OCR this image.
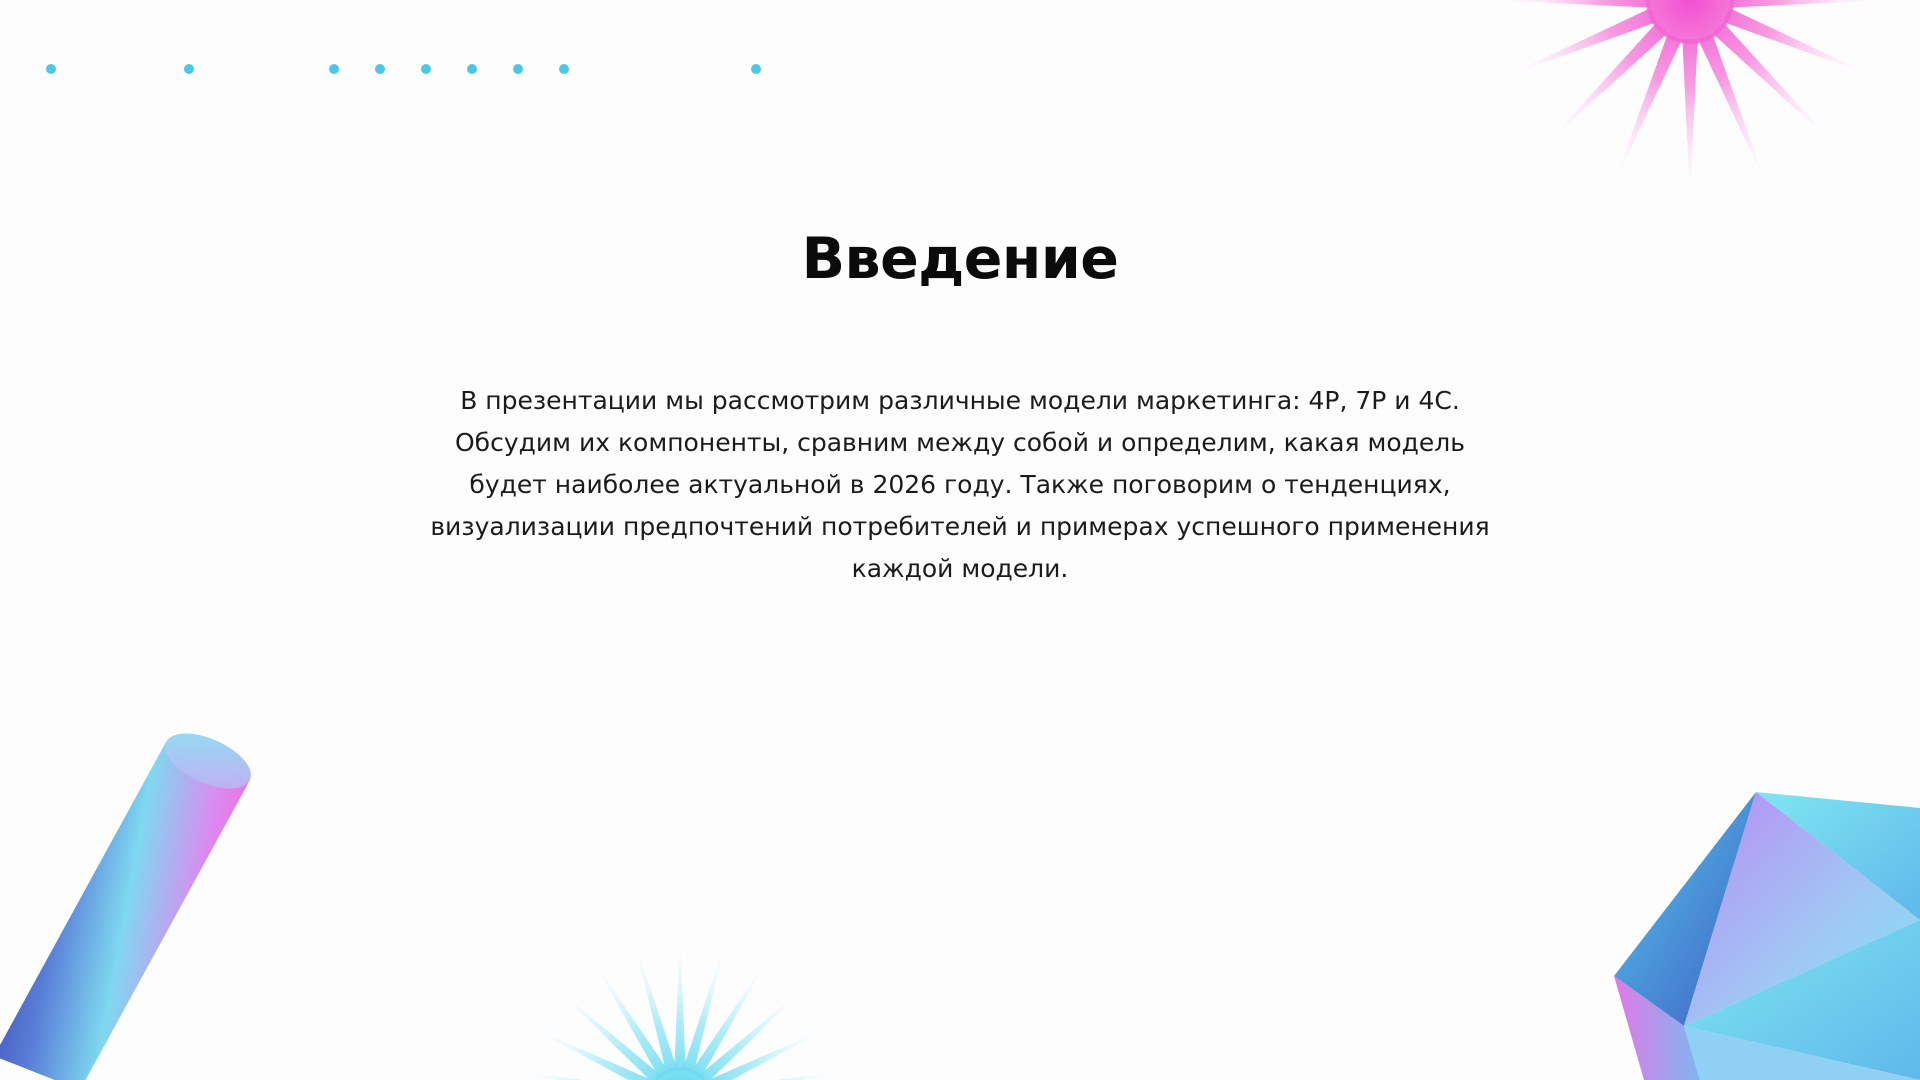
Введение

В презентации мы рассмотрим различные модели маркетинга: 4P, 7P и 4C. Обсудим их компоненты, сравним между собой и определим, какая модель будет наиболее актуальной в 2026 году. Также поговорим о тенденциях, визуализации предпочтений потребителей и примерах успешного применения каждой модели.
